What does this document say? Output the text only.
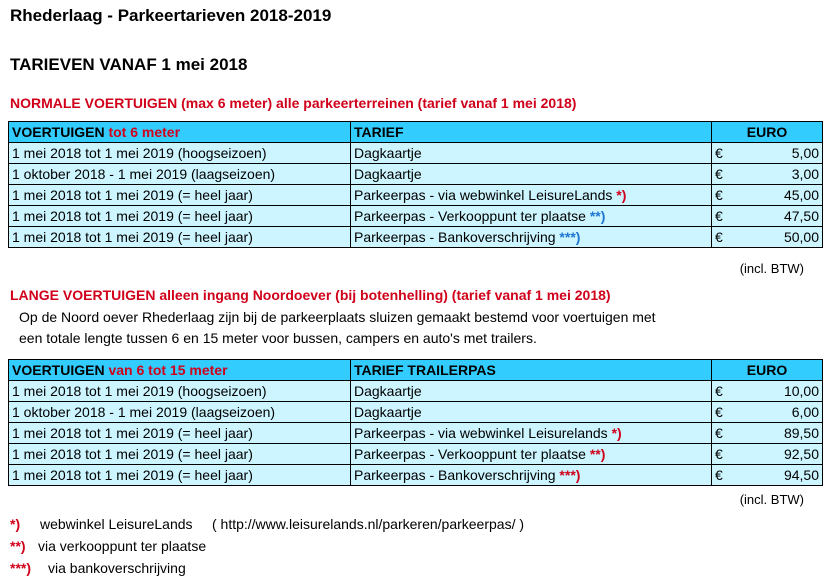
Rhederlaag - Parkeertarieven 2018-2019
TARIEVEN VANAF 1 mei 2018
NORMALE VOERTUIGEN (max 6 meter) alle parkeerterreinen (tarief vanaf 1 mei 2018)
VOERTUIGEN tot 6 meter	TARIEF	EURO	
1 mei 2018 tot 1 mei 2019 (hoogseizoen)	Dagkaartje	€	5,00
1 oktober 2018 - 1 mei 2019 (laagseizoen)	Dagkaartje	€	3,00
1 mei 2018 tot 1 mei 2019 (= heel jaar)	Parkeerpas - via webwinkel LeisureLands *)	€	45,00
1 mei 2018 tot 1 mei 2019 (= heel jaar)	Parkeerpas - Verkooppunt ter plaatse **)	€	47,50
1 mei 2018 tot 1 mei 2019 (= heel jaar)	Parkeerpas - Bankoverschrijving ***)	€	50,00
(incl. BTW)
LANGE VOERTUIGEN alleen ingang Noordoever (bij botenhelling) (tarief vanaf 1 mei 2018)
Op de Noord oever Rhederlaag zijn bij de parkeerplaats sluizen gemaakt bestemd voor voertuigen met
een totale lengte tussen 6 en 15 meter voor bussen, campers en auto's met trailers.
VOERTUIGEN van 6 tot 15 meter	TARIEF TRAILERPAS	EURO	
1 mei 2018 tot 1 mei 2019 (hoogseizoen)	Dagkaartje	€	10,00
1 oktober 2018 - 1 mei 2019 (laagseizoen)	Dagkaartje	€	6,00
1 mei 2018 tot 1 mei 2019 (= heel jaar)	Parkeerpas - via webwinkel Leisurelands *)	€	89,50
1 mei 2018 tot 1 mei 2019 (= heel jaar)	Parkeerpas - Verkooppunt ter plaatse **)	€	92,50
1 mei 2018 tot 1 mei 2019 (= heel jaar)	Parkeerpas - Bankoverschrijving ***)	€	94,50
(incl. BTW)
*) webwinkel LeisureLands     ( http://www.leisurelands.nl/parkeren/parkeerpas/ )
**) via verkooppunt ter plaatse
***) via bankoverschrijving
